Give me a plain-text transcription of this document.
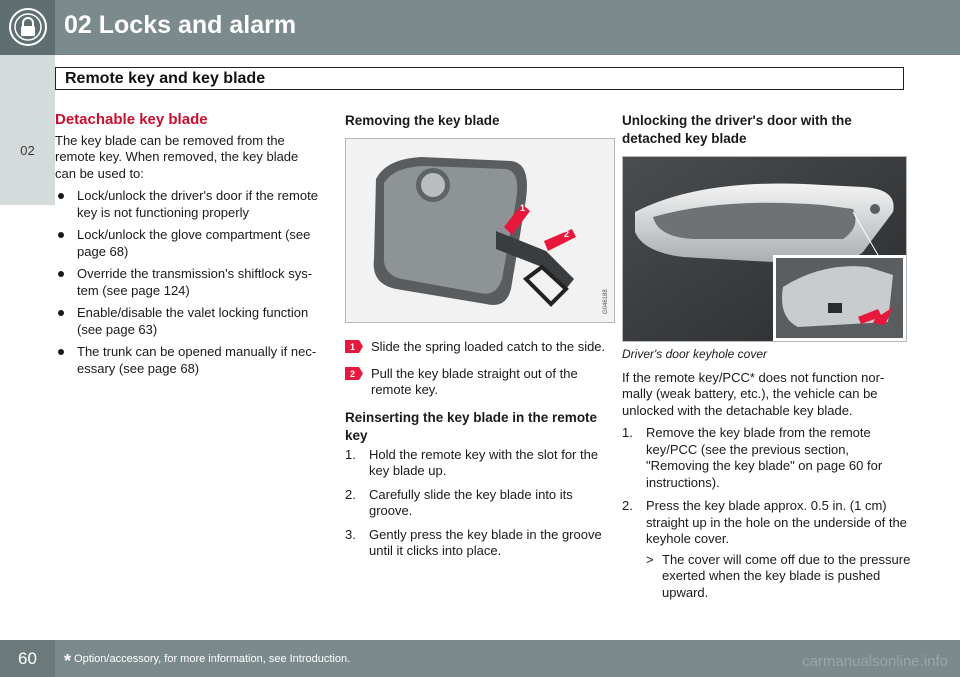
02 Locks and alarm
02
Remote key and key blade
Detachable key blade

The key blade can be removed from the remote key. When removed, the key blade can be used to:

Lock/unlock the driver's door if the remote key is not functioning properly
Lock/unlock the glove compartment (see page 68)
Override the transmission's shiftlock sys-tem (see page 124)
Enable/disable the valet locking function (see page 63)
The trunk can be opened manually if nec-essary (see page 68)
Removing the key blade
1
2
G046188
1 Slide the spring loaded catch to the side.
2 Pull the key blade straight out of the remote key.
Reinserting the key blade in the remote key
1. Hold the remote key with the slot for the key blade up.
2. Carefully slide the key blade into its groove.
3. Gently press the key blade in the groove until it clicks into place.
Unlocking the driver's door with the detached key blade
G042793
Driver's door keyhole cover

If the remote key/PCC* does not function nor-mally (weak battery, etc.), the vehicle can be unlocked with the detachable key blade.

1. Remove the key blade from the remote key/PCC (see the previous section, "Removing the key blade" on page 60 for instructions).
2. Press the key blade approx. 0.5 in. (1 cm) straight up in the hole on the underside of the keyhole cover.
> The cover will come off due to the pressure exerted when the key blade is pushed upward.
60	* Option/accessory, for more information, see Introduction.	carmanualsonline.info
